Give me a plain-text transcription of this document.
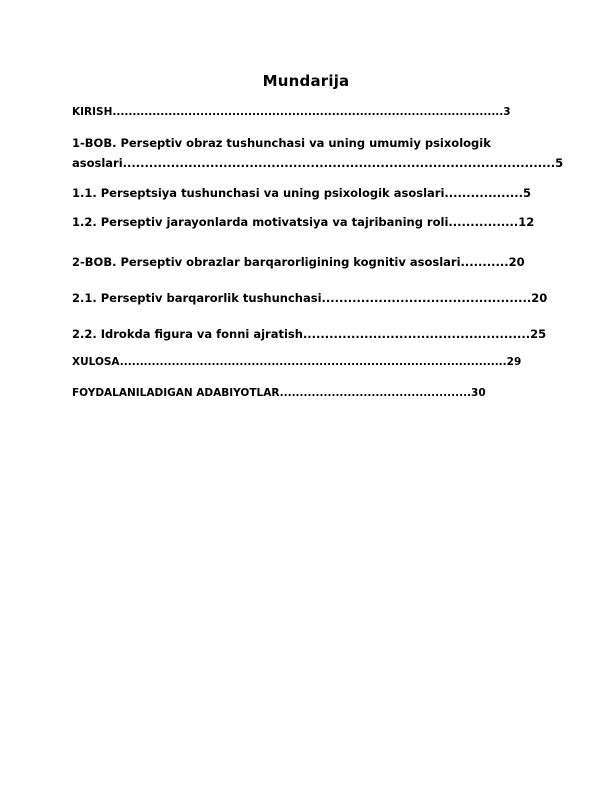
Mundarija
KIRISH..................................................................................................3
1-BOB. Perseptiv obraz tushunchasi va uning umumiy psixologik
asoslari...................................................................................................5
1.1. Perseptsiya tushunchasi va uning psixologik asoslari..................5
1.2. Perseptiv jarayonlarda motivatsiya va tajribaning roli................12
2-BOB. Perseptiv obrazlar barqarorligining kognitiv asoslari...........20
2.1. Perseptiv barqarorlik tushunchasi................................................20
2.2. Idrokda figura va fonni ajratish....................................................25
XULOSA.................................................................................................29
FOYDALANILADIGAN ADABIYOTLAR................................................30
